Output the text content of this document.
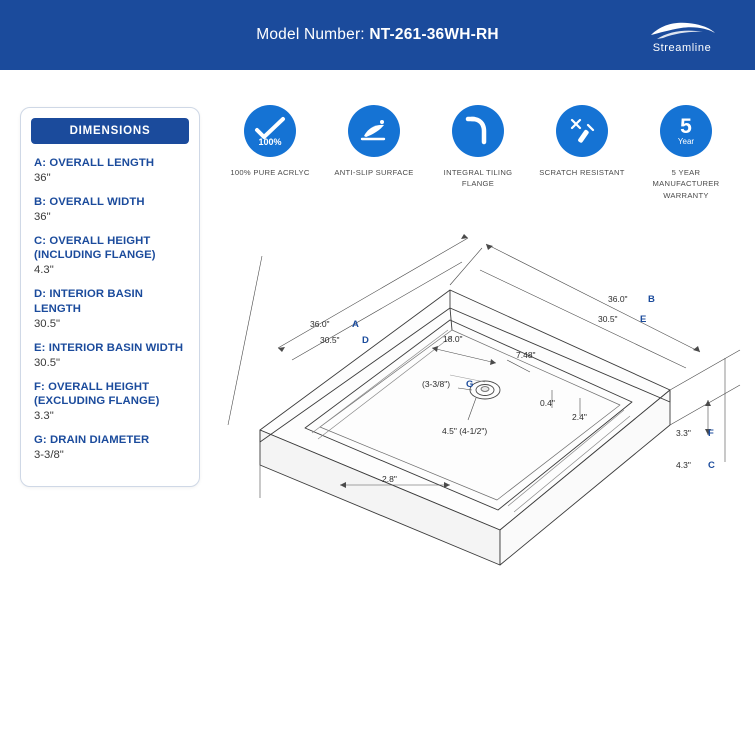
Model Number: NT-261-36WH-RH
Streamline
DIMENSIONS
A: OVERALL LENGTH
36"
B: OVERALL WIDTH
36"
C: OVERALL HEIGHT (INCLUDING FLANGE)
4.3"
D: INTERIOR BASIN LENGTH
30.5"
E: INTERIOR BASIN WIDTH
30.5"
F: OVERALL HEIGHT (EXCLUDING FLANGE)
3.3"
G: DRAIN DIAMETER
3-3/8"
100%
100% PURE ACRLYC	ANTI-SLIP SURFACE	INTEGRAL TILING FLANGE
SCRATCH RESISTANT
5
Year
5 YEAR MANUFACTURER WARRANTY
36.0" A
30.5" D
36.0" B
30.5" E
18.0"
(3-3/8") G
7.48"
0.4"
2.4"
4.5" (4-1/2")	3.3" F
4.3" C
2.8"
